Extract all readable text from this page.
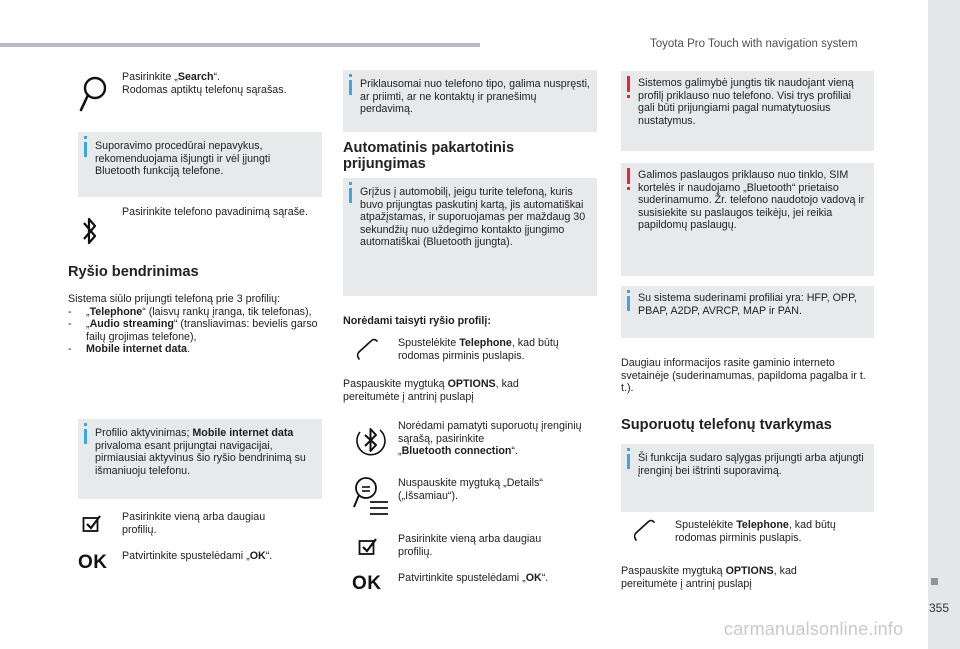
Toyota Pro Touch with navigation system
355
carmanualsonline.info
Pasirinkite „Search“.
Rodomas aptiktų telefonų sąrašas.
Suporavimo procedūrai nepavykus, rekomenduojama išjungti ir vėl įjungti Bluetooth funkciją telefone.
Pasirinkite telefono pavadinimą sąraše.
Ryšio bendrinimas
Sistema siūlo prijungti telefoną prie 3 profilių:
- „Telephone“ (laisvų rankų įranga, tik telefonas),
- „Audio streaming“ (transliavimas: bevielis garso failų grojimas telefone),
- Mobile internet data.
Profilio aktyvinimas; Mobile internet data privaloma esant prijungtai navigacijai, pirmiausiai aktyvinus šio ryšio bendrinimą su išmaniuoju telefonu.
Pasirinkite vieną arba daugiau profilių.
OK Patvirtinkite spustelėdami „OK“.
Priklausomai nuo telefono tipo, galima nuspręsti, ar priimti, ar ne kontaktų ir pranešimų perdavimą.
Automatinis pakartotinis prijungimas
Grįžus į automobilį, jeigu turite telefoną, kuris buvo prijungtas paskutinį kartą, jis automatiškai atpažįstamas, ir suporuojamas per maždaug 30 sekundžių nuo uždegimo kontakto įjungimo automatiškai (Bluetooth įjungta).
Norėdami taisyti ryšio profilį:
Spustelėkite Telephone, kad būtų rodomas pirminis puslapis.
Paspauskite mygtuką OPTIONS, kad pereitumėte į antrinį puslapį
Norėdami pamatyti suporuotų įrenginių sąrašą, pasirinkite
„Bluetooth connection“.
Nuspauskite mygtuką „Details“ („Išsamiau“).
Pasirinkite vieną arba daugiau profilių.
OK Patvirtinkite spustelėdami „OK“.
Sistemos galimybė jungtis tik naudojant vieną profilį priklauso nuo telefono. Visi trys profiliai gali būti prijungiami pagal numatytuosius nustatymus.
Galimos paslaugos priklauso nuo tinklo, SIM kortelės ir naudojamo „Bluetooth“ prietaiso suderinamumo. Žr. telefono naudotojo vadovą ir susisiekite su paslaugos teikėju, jei reikia papildomų paslaugų.
Su sistema suderinami profiliai yra: HFP, OPP, PBAP, A2DP, AVRCP, MAP ir PAN.
Daugiau informacijos rasite gaminio interneto svetainėje (suderinamumas, papildoma pagalba ir t. t.).
Suporuotų telefonų tvarkymas
Ši funkcija sudaro sąlygas prijungti arba atjungti įrenginį bei ištrinti suporavimą.
Spustelėkite Telephone, kad būtų rodomas pirminis puslapis.
Paspauskite mygtuką OPTIONS, kad pereitumėte į antrinį puslapį
